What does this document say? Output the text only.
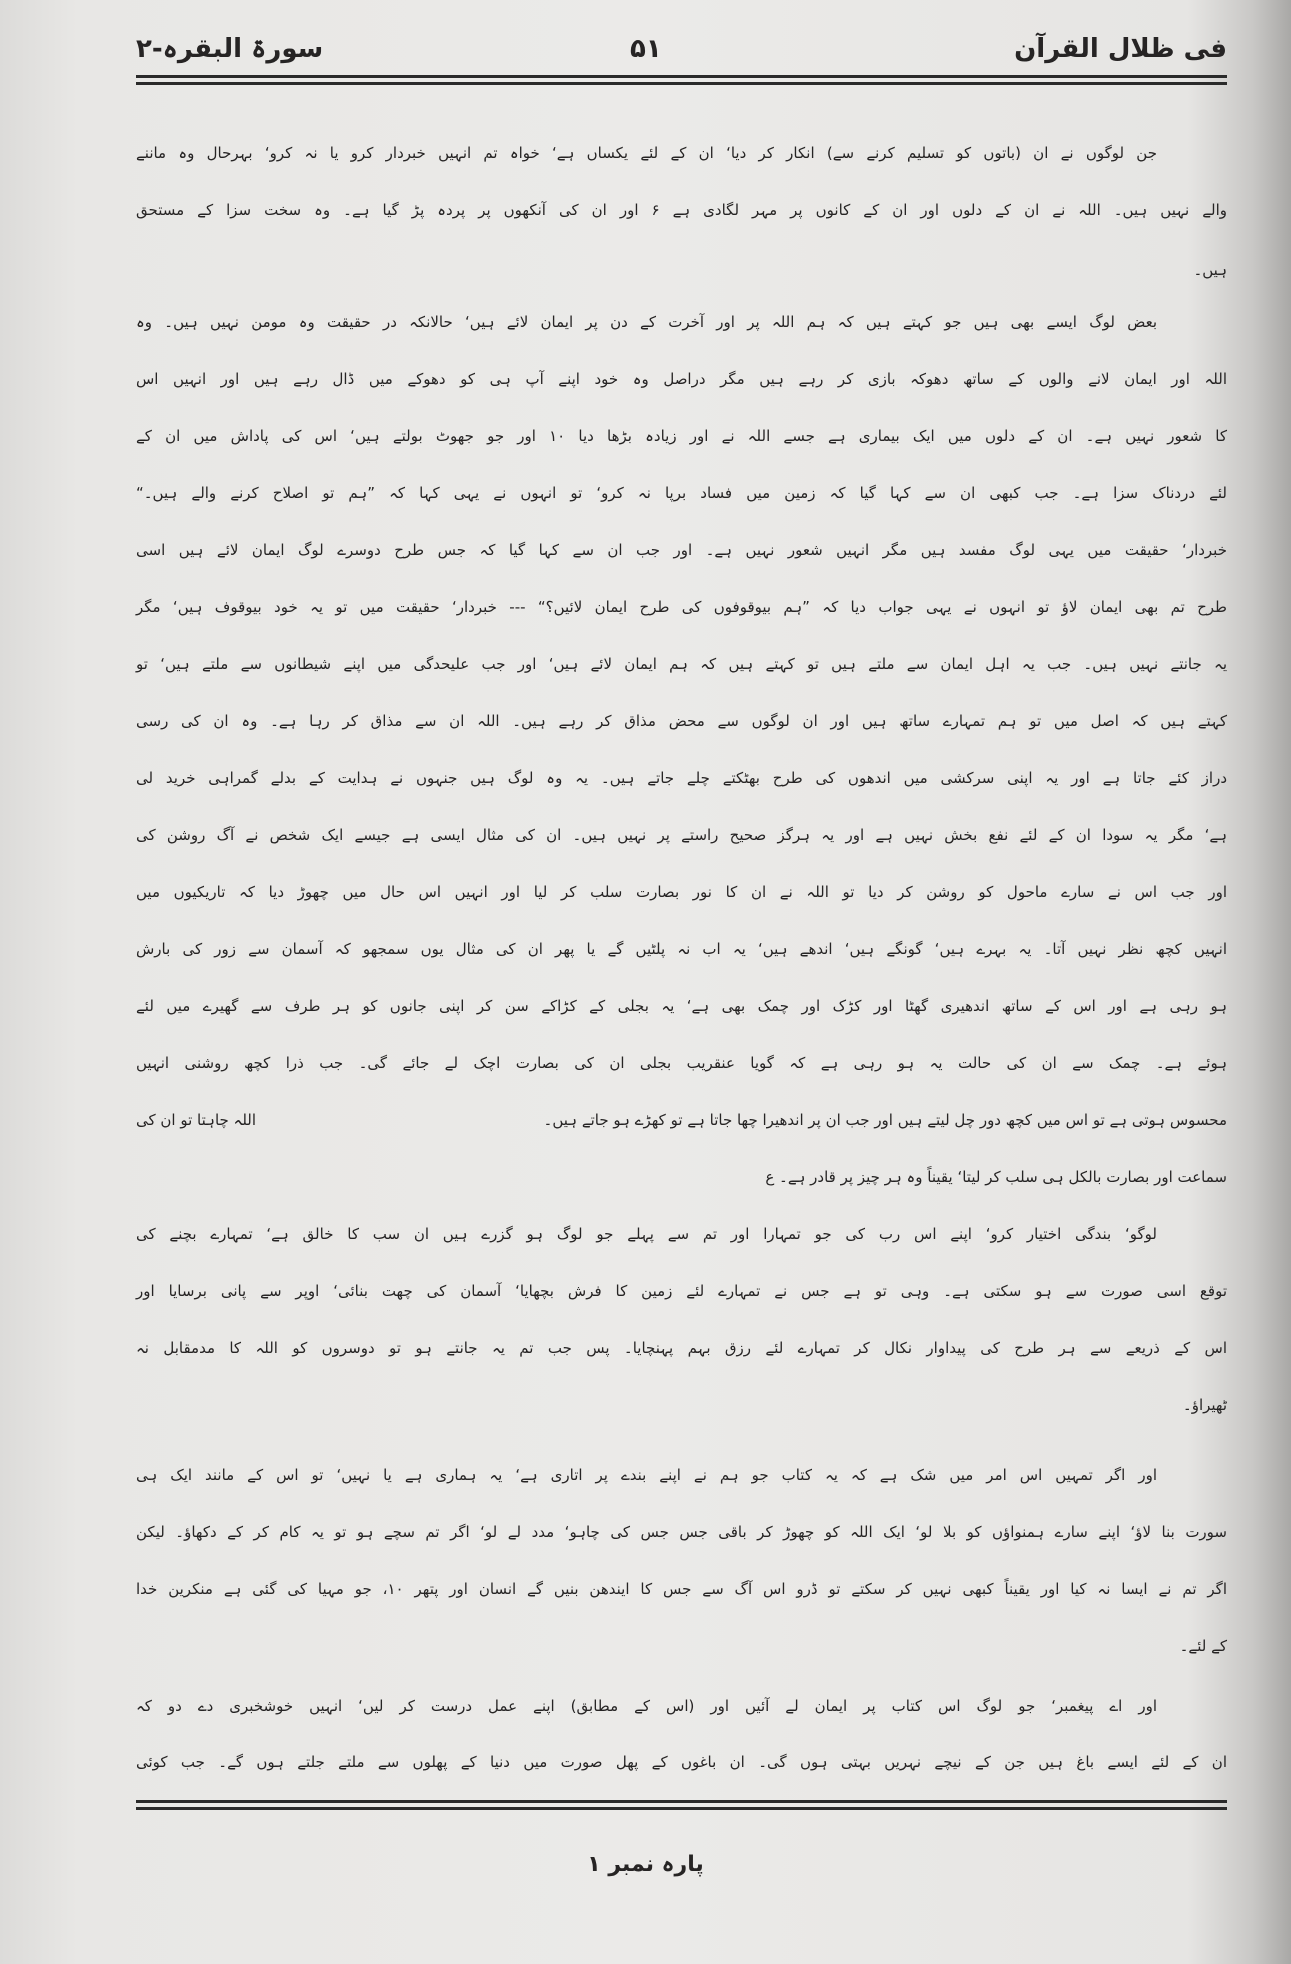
فی ظلال القرآن
۵۱
سورۃ البقرہ-۲
جن لوگوں نے ان (باتوں کو تسلیم کرنے سے) انکار کر دیا‘ ان کے لئے یکساں ہے‘ خواہ تم انہیں خبردار کرو یا نہ کرو‘ بہرحال وہ ماننے
والے نہیں ہیں۔ اللہ نے ان کے دلوں اور ان کے کانوں پر مہر لگادی ہے ۶ اور ان کی آنکھوں پر پردہ پڑ گیا ہے۔ وہ سخت سزا کے مستحق
ہیں۔
بعض لوگ ایسے بھی ہیں جو کہتے ہیں کہ ہم اللہ پر اور آخرت کے دن پر ایمان لائے ہیں‘ حالانکہ در حقیقت وہ مومن نہیں ہیں۔ وہ
اللہ اور ایمان لانے والوں کے ساتھ دھوکہ بازی کر رہے ہیں مگر دراصل وہ خود اپنے آپ ہی کو دھوکے میں ڈال رہے ہیں اور انہیں اس
کا شعور نہیں ہے۔ ان کے دلوں میں ایک بیماری ہے جسے اللہ نے اور زیادہ بڑھا دیا ۱۰ اور جو جھوٹ بولتے ہیں‘ اس کی پاداش میں ان کے
لئے دردناک سزا ہے۔ جب کبھی ان سے کہا گیا کہ زمین میں فساد برپا نہ کرو‘ تو انہوں نے یہی کہا کہ ”ہم تو اصلاح کرنے والے ہیں۔“
خبردار‘ حقیقت میں یہی لوگ مفسد ہیں مگر انہیں شعور نہیں ہے۔ اور جب ان سے کہا گیا کہ جس طرح دوسرے لوگ ایمان لائے ہیں اسی
طرح تم بھی ایمان لاؤ تو انہوں نے یہی جواب دیا کہ ”ہم بیوقوفوں کی طرح ایمان لائیں؟“ --- خبردار‘ حقیقت میں تو یہ خود بیوقوف ہیں‘ مگر
یہ جانتے نہیں ہیں۔ جب یہ اہل ایمان سے ملتے ہیں تو کہتے ہیں کہ ہم ایمان لائے ہیں‘ اور جب علیحدگی میں اپنے شیطانوں سے ملتے ہیں‘ تو
کہتے ہیں کہ اصل میں تو ہم تمہارے ساتھ ہیں اور ان لوگوں سے محض مذاق کر رہے ہیں۔ اللہ ان سے مذاق کر رہا ہے۔ وہ ان کی رسی
دراز کئے جاتا ہے اور یہ اپنی سرکشی میں اندھوں کی طرح بھٹکتے چلے جاتے ہیں۔ یہ وہ لوگ ہیں جنہوں نے ہدایت کے بدلے گمراہی خرید لی
ہے‘ مگر یہ سودا ان کے لئے نفع بخش نہیں ہے اور یہ ہرگز صحیح راستے پر نہیں ہیں۔ ان کی مثال ایسی ہے جیسے ایک شخص نے آگ روشن کی
اور جب اس نے سارے ماحول کو روشن کر دیا تو اللہ نے ان کا نور بصارت سلب کر لیا اور انہیں اس حال میں چھوڑ دیا کہ تاریکیوں میں
انہیں کچھ نظر نہیں آتا۔ یہ بہرے ہیں‘ گونگے ہیں‘ اندھے ہیں‘ یہ اب نہ پلٹیں گے یا پھر ان کی مثال یوں سمجھو کہ آسمان سے زور کی بارش
ہو رہی ہے اور اس کے ساتھ اندھیری گھٹا اور کڑک اور چمک بھی ہے‘ یہ بجلی کے کڑاکے سن کر اپنی جانوں کو ہر طرف سے گھیرے میں لئے
ہوئے ہے۔ چمک سے ان کی حالت یہ ہو رہی ہے کہ گویا عنقریب بجلی ان کی بصارت اچک لے جائے گی۔ جب ذرا کچھ روشنی انہیں
محسوس ہوتی ہے تو اس میں کچھ دور چل لیتے ہیں اور جب ان پر اندھیرا چھا جاتا ہے تو کھڑے ہو جاتے ہیں۔
اللہ چاہتا تو ان کی
سماعت اور بصارت بالکل ہی سلب کر لیتا‘ یقیناً وہ ہر چیز پر قادر ہے۔ ع
لوگو‘ بندگی اختیار کرو‘ اپنے اس رب کی جو تمہارا اور تم سے پہلے جو لوگ ہو گزرے ہیں ان سب کا خالق ہے‘ تمہارے بچنے کی
توقع اسی صورت سے ہو سکتی ہے۔ وہی تو ہے جس نے تمہارے لئے زمین کا فرش بچھایا‘ آسمان کی چھت بنائی‘ اوپر سے پانی برسایا اور
اس کے ذریعے سے ہر طرح کی پیداوار نکال کر تمہارے لئے رزق بہم پہنچایا۔ پس جب تم یہ جانتے ہو تو دوسروں کو اللہ کا مدمقابل نہ
ٹھیراؤ۔
اور اگر تمہیں اس امر میں شک ہے کہ یہ کتاب جو ہم نے اپنے بندے پر اتاری ہے‘ یہ ہماری ہے یا نہیں‘ تو اس کے مانند ایک ہی
سورت بنا لاؤ‘ اپنے سارے ہمنواؤں کو بلا لو‘ ایک اللہ کو چھوڑ کر باقی جس جس کی چاہو‘ مدد لے لو‘ اگر تم سچے ہو تو یہ کام کر کے دکھاؤ۔ لیکن
اگر تم نے ایسا نہ کیا اور یقیناً کبھی نہیں کر سکتے تو ڈرو اس آگ سے جس کا ایندھن بنیں گے انسان اور پتھر ۱۰، جو مہیا کی گئی ہے منکرین خدا
کے لئے۔
اور اے پیغمبر‘ جو لوگ اس کتاب پر ایمان لے آئیں اور (اس کے مطابق) اپنے عمل درست کر لیں‘ انہیں خوشخبری دے دو کہ
ان کے لئے ایسے باغ ہیں جن کے نیچے نہریں بہتی ہوں گی۔ ان باغوں کے پھل صورت میں دنیا کے پھلوں سے ملتے جلتے ہوں گے۔ جب کوئی
پارہ نمبر ۱
